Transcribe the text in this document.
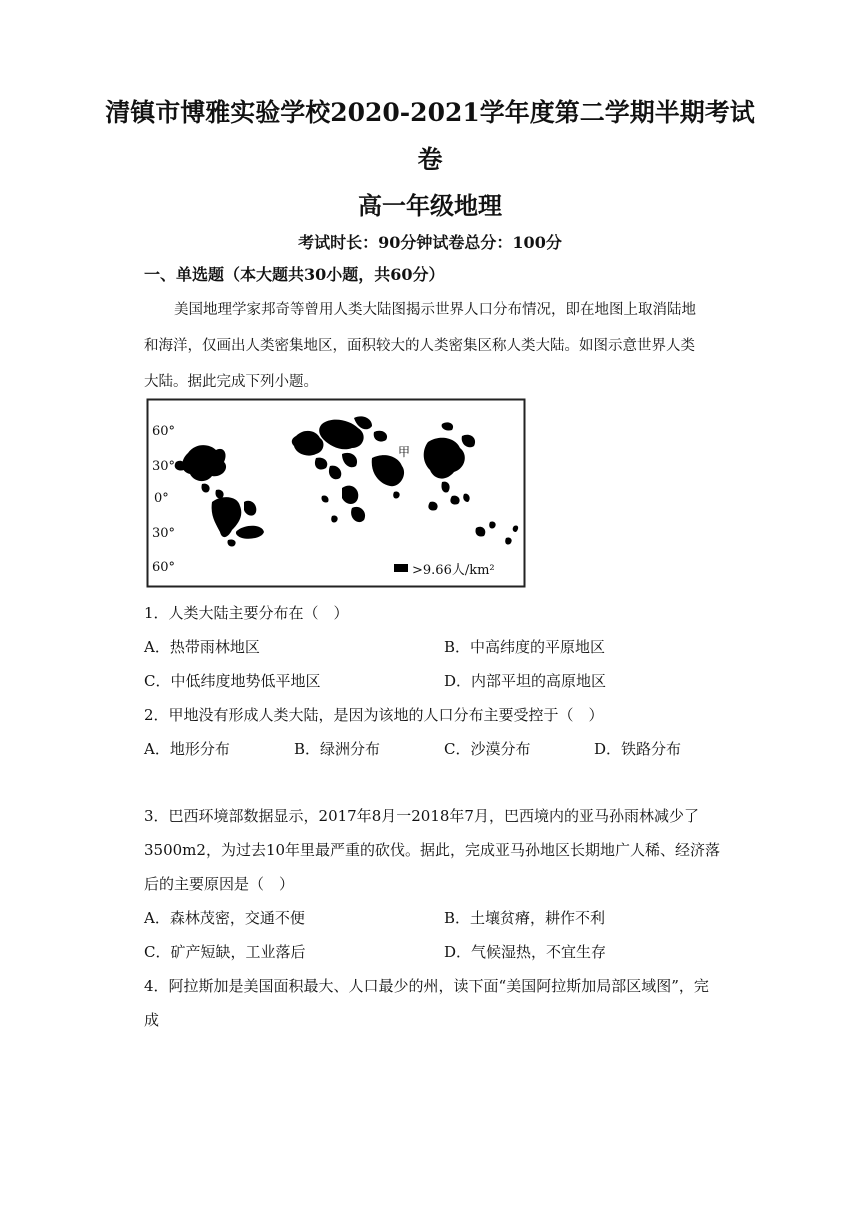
清镇市博雅实验学校2020-2021学年度第二学期半期考试
卷
高一年级地理
考试时长：90分钟试卷总分：100分
一、单选题（本大题共30小题，共60分）
美国地理学家邦奇等曾用人类大陆图揭示世界人口分布情况，即在地图上取消陆地
和海洋，仅画出人类密集地区，面积较大的人类密集区称人类大陆。如图示意世界人类
大陆。据此完成下列小题。
60°
30°
0°
30°
60°
甲
>9.66人/km²
1．人类大陆主要分布在（　）
A．热带雨林地区	B．中高纬度的平原地区
C．中低纬度地势低平地区	D．内部平坦的高原地区
2．甲地没有形成人类大陆，是因为该地的人口分布主要受控于（　）
A．地形分布	B．绿洲分布	C．沙漠分布	D．铁路分布
3．巴西环境部数据显示，2017年8月一2018年7月，巴西境内的亚马孙雨林减少了
3500m2，为过去10年里最严重的砍伐。据此，完成亚马孙地区长期地广人稀、经济落
后的主要原因是（　）
A．森林茂密，交通不便	B．土壤贫瘠，耕作不利
C．矿产短缺，工业落后	D．气候湿热，不宜生存
4．阿拉斯加是美国面积最大、人口最少的州，读下面“美国阿拉斯加局部区域图”，完
成
